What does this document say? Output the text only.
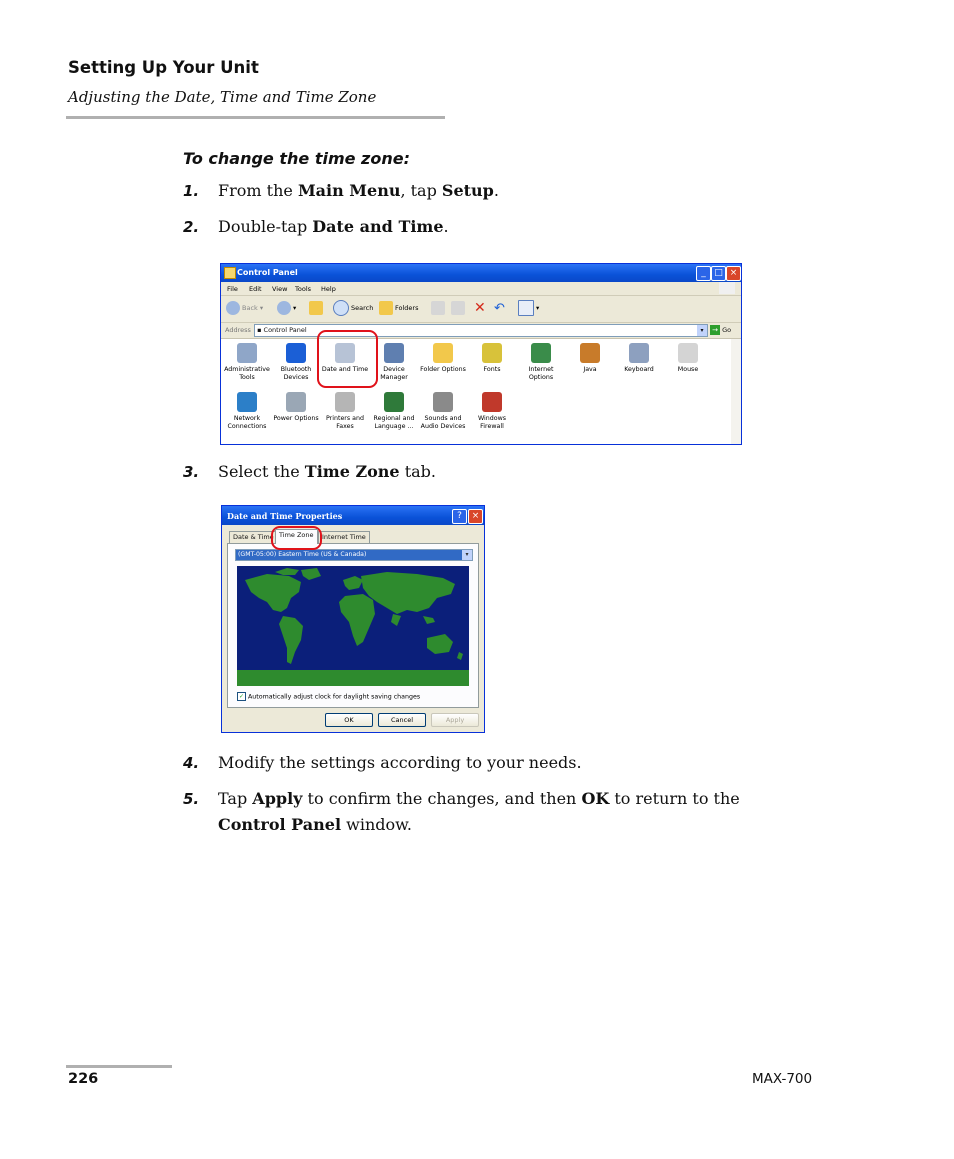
Setting Up Your Unit
Adjusting the Date, Time and Time Zone
To change the time zone:
1. From the Main Menu, tap Setup.
2. Double-tap Date and Time.
Control Panel	_ □ ×
File Edit View Tools Help
Back ▾	▾	Search	Folders	✕ ↶	▾
Address ▪ Control Panel	▾	→ Go
Administrative
Tools
Bluetooth
Devices
Date and Time	Device
Manager
Folder Options	Fonts	Internet
Options
Java	Keyboard	Mouse
Network
Connections
Power Options	Printers and
Faxes
Regional and
Language ...
Sounds and
Audio Devices
Windows
Firewall
3. Select the Time Zone tab.
Date and Time Properties	?	×
Date & Time Time Zone	Internet Time
(GMT-05:00) Eastern Time (US & Canada)	▾
✓ Automatically adjust clock for daylight saving changes
OK	Cancel	Apply
4. Modify the settings according to your needs.
5. Tap Apply to confirm the changes, and then OK to return to the Control Panel window.
226	MAX-700
